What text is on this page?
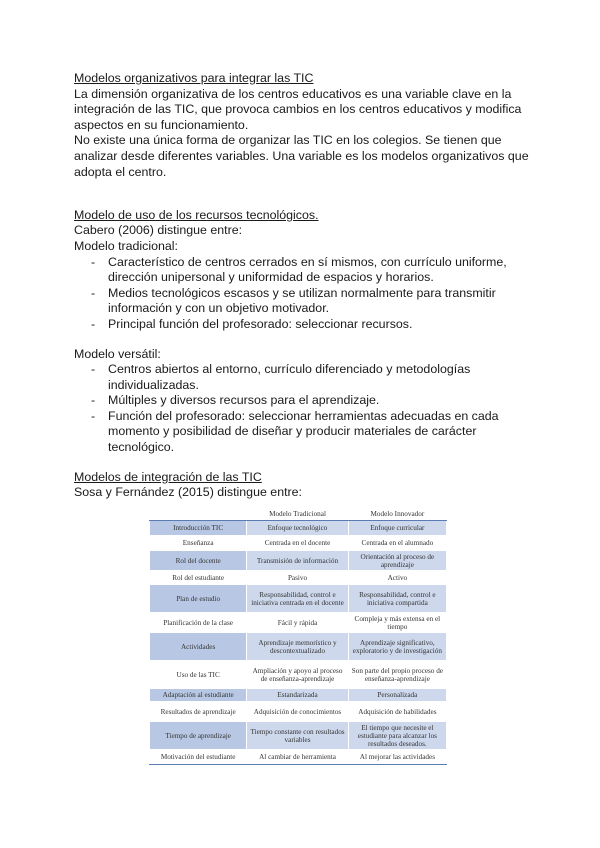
Modelos organizativos para integrar las TIC
La dimensión organizativa de los centros educativos es una variable clave en la
integración de las TIC, que provoca cambios en los centros educativos y modifica
aspectos en su funcionamiento.
No existe una única forma de organizar las TIC en los colegios. Se tienen que
analizar desde diferentes variables. Una variable es los modelos organizativos que
adopta el centro.
Modelo de uso de los recursos tecnológicos.
Cabero (2006) distingue entre:
Modelo tradicional:
- Característico de centros cerrados en sí mismos, con currículo uniforme,
dirección unipersonal y uniformidad de espacios y horarios.
- Medios tecnológicos escasos y se utilizan normalmente para transmitir
información y con un objetivo motivador.
- Principal función del profesorado: seleccionar recursos.
Modelo versátil:
- Centros abiertos al entorno, currículo diferenciado y metodologías
individualizadas.
- Múltiples y diversos recursos para el aprendizaje.
- Función del profesorado: seleccionar herramientas adecuadas en cada
momento y posibilidad de diseñar y producir materiales de carácter
tecnológico.
Modelos de integración de las TIC
Sosa y Fernández (2015) distingue entre:
	Modelo Tradicional	Modelo Innovador
Introducción TIC	Enfoque tecnológico	Enfoque curricular
Enseñanza	Centrada en el docente	Centrada en el alumnado
Rol del docente	Transmisión de información	Orientación al proceso de aprendizaje
Rol del estudiante	Pasivo	Activo
Plan de estudio	Responsabilidad, control e iniciativa centrada en el docente	Responsabilidad, control e iniciativa compartida
Planificación de la clase	Fácil y rápida	Compleja y más extensa en el tiempo
Actividades	Aprendizaje memorístico y descontextualizado	Aprendizaje significativo, exploratorio y de investigación
Uso de las TIC	Ampliación y apoyo al proceso de enseñanza-aprendizaje	Son parte del propio proceso de enseñanza-aprendizaje
Adaptación al estudiante	Estandarizada	Personalizada
Resultados de aprendizaje	Adquisición de conocimientos	Adquisición de habilidades
Tiempo de aprendizaje	Tiempo constante con resultados variables	El tiempo que necesite el estudiante para alcanzar los resultados deseados.
Motivación del estudiante	Al cambiar de herramienta	Al mejorar las actividades
